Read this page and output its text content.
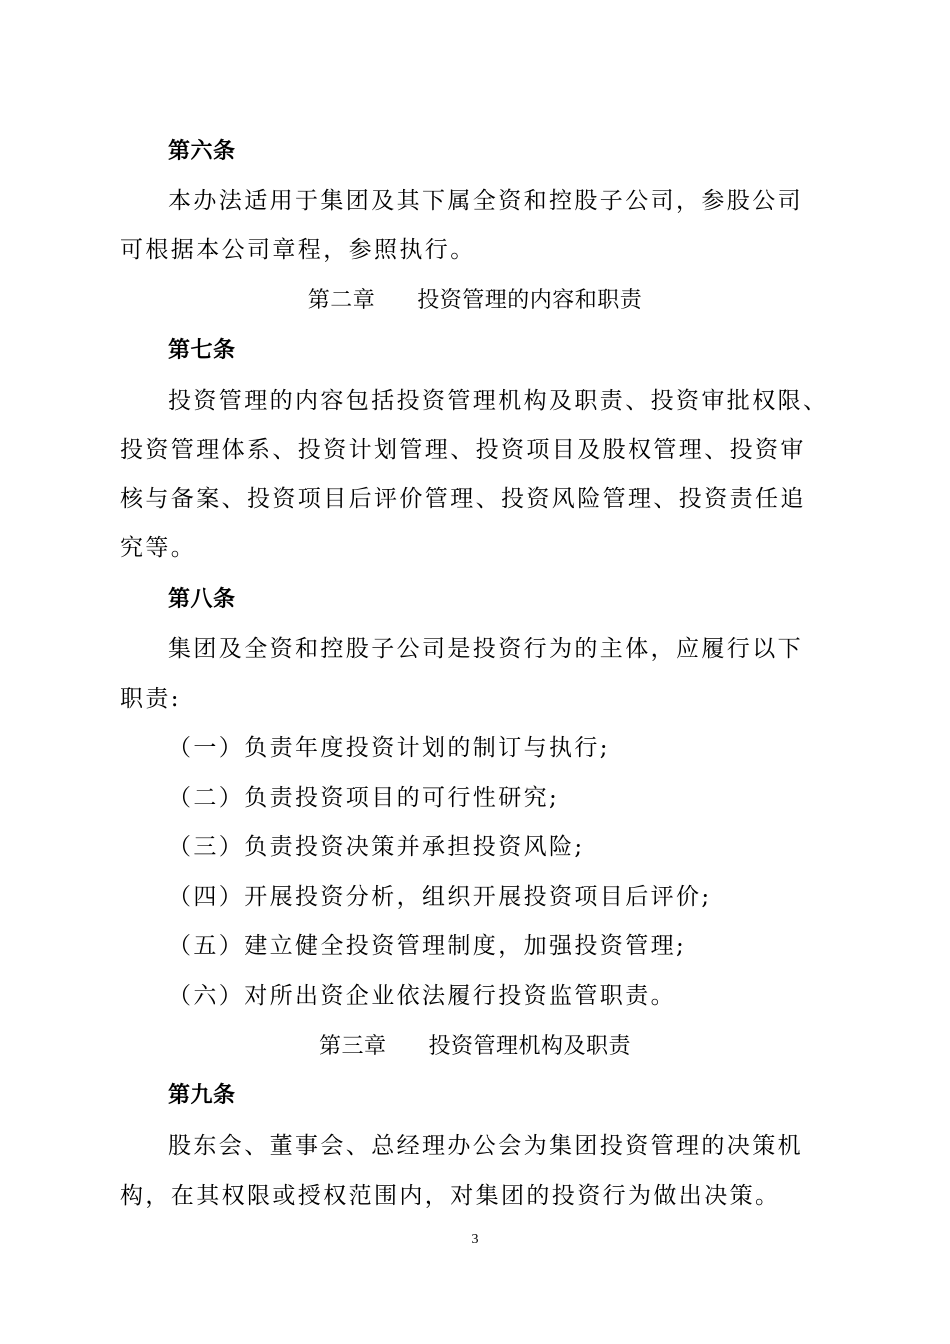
第六条
本办法适用于集团及其下属全资和控股子公司，参股公司
可根据本公司章程，参照执行。
第二章 投资管理的内容和职责
第七条
投资管理的内容包括投资管理机构及职责、投资审批权限、
投资管理体系、投资计划管理、投资项目及股权管理、投资审
核与备案、投资项目后评价管理、投资风险管理、投资责任追
究等。
第八条
集团及全资和控股子公司是投资行为的主体，应履行以下
职责:
（一）负责年度投资计划的制订与执行;
（二）负责投资项目的可行性研究;
（三）负责投资决策并承担投资风险;
（四）开展投资分析，组织开展投资项目后评价;
（五）建立健全投资管理制度，加强投资管理;
（六）对所出资企业依法履行投资监管职责。
第三章 投资管理机构及职责
第九条
股东会、董事会、总经理办公会为集团投资管理的决策机
构，在其权限或授权范围内，对集团的投资行为做出决策。
3
